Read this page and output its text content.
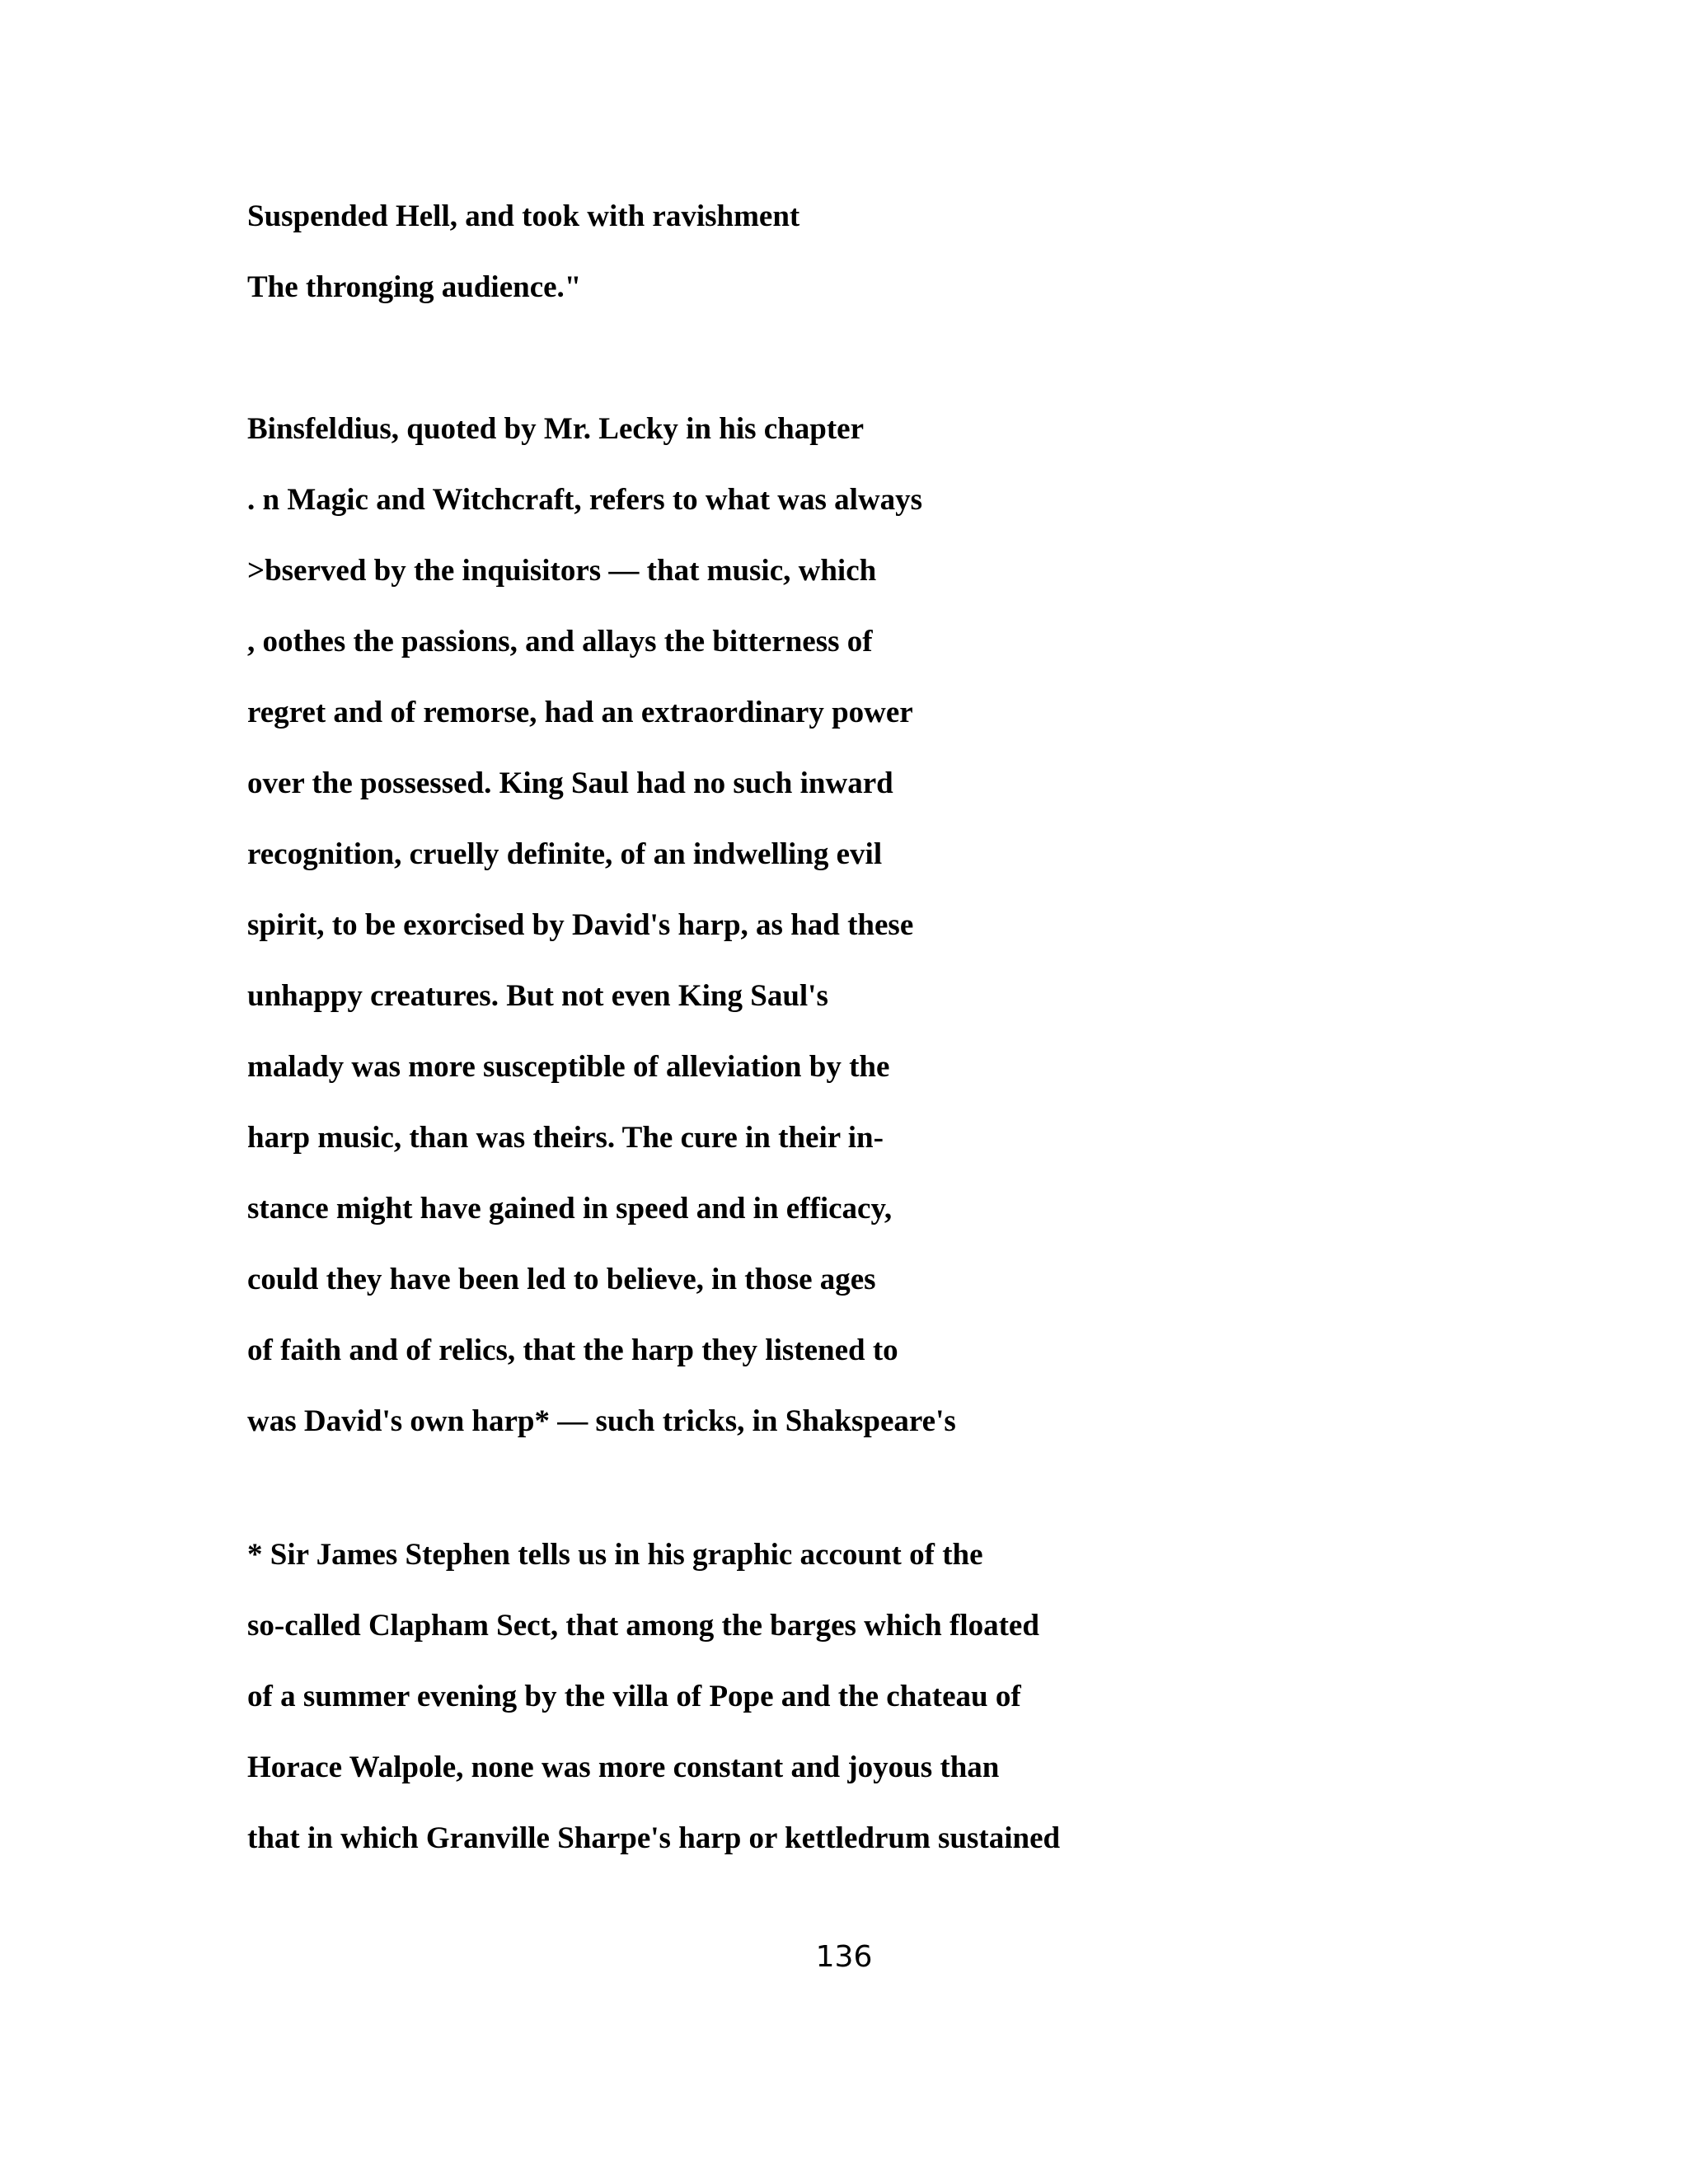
Suspended Hell, and took with ravishment
The thronging audience."
Binsfeldius, quoted by Mr. Lecky in his chapter
. n Magic and Witchcraft, refers to what was always
>bserved by the inquisitors — that music, which
, oothes the passions, and allays the bitterness of
regret and of remorse, had an extraordinary power
over the possessed. King Saul had no such inward
recognition, cruelly definite, of an indwelling evil
spirit, to be exorcised by David's harp, as had these
unhappy creatures. But not even King Saul's
malady was more susceptible of alleviation by the
harp music, than was theirs. The cure in their in-
stance might have gained in speed and in efficacy,
could they have been led to believe, in those ages
of faith and of relics, that the harp they listened to
was David's own harp* — such tricks, in Shakspeare's
* Sir James Stephen tells us in his graphic account of the
so-called Clapham Sect, that among the barges which floated
of a summer evening by the villa of Pope and the chateau of
Horace Walpole, none was more constant and joyous than
that in which Granville Sharpe's harp or kettledrum sustained
136
